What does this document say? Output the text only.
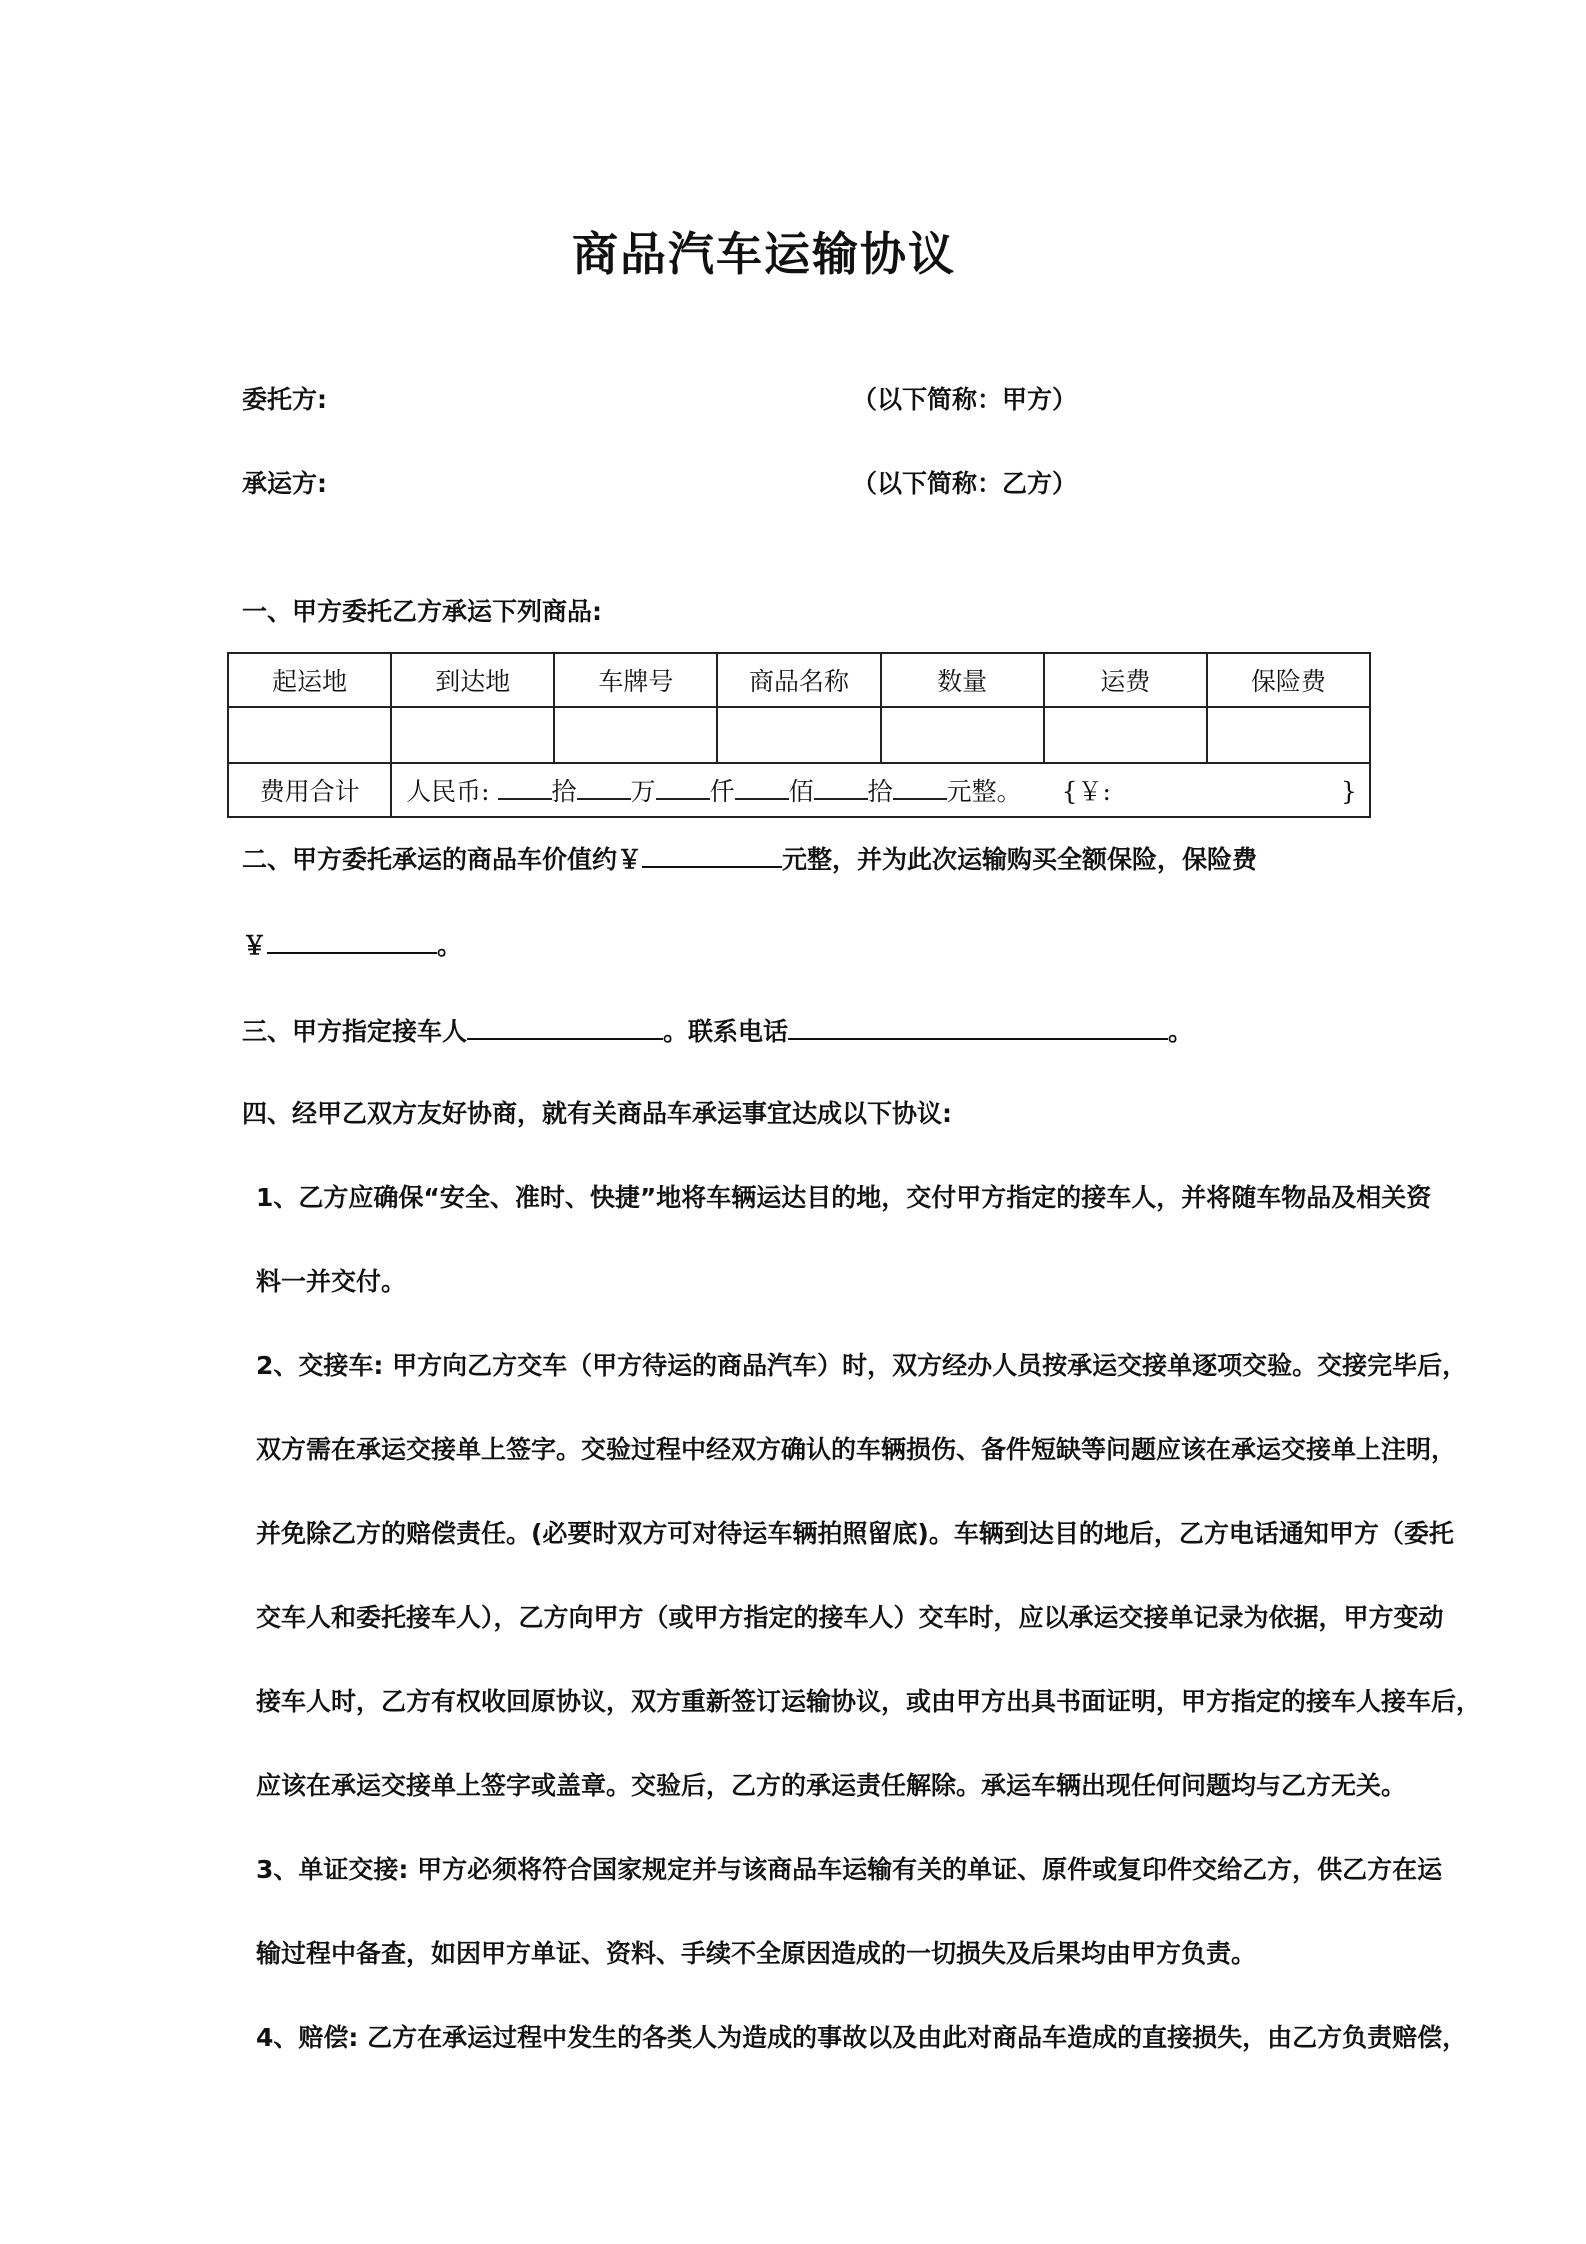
商品汽车运输协议
委托方:	（以下简称：甲方）
承运方:	（以下简称：乙方）
一、甲方委托乙方承运下列商品:
起运地	到达地	车牌号	商品名称	数量	运费	保险费

费用合计	人民币: 拾 万 仟 佰 拾 元整。 {￥: }					
二、甲方委托承运的商品车价值约￥	元整，并为此次运输购买全额保险，保险费
￥	。
三、甲方指定接车人	。联系电话	。
四、经甲乙双方友好协商，就有关商品车承运事宜达成以下协议:
1、乙方应确保“安全、准时、快捷”地将车辆运达目的地，交付甲方指定的接车人，并将随车物品及相关资
料一并交付。
2、交接车: 甲方向乙方交车（甲方待运的商品汽车）时，双方经办人员按承运交接单逐项交验。交接完毕后，
双方需在承运交接单上签字。交验过程中经双方确认的车辆损伤、备件短缺等问题应该在承运交接单上注明，
并免除乙方的赔偿责任。(必要时双方可对待运车辆拍照留底)。车辆到达目的地后，乙方电话通知甲方（委托
交车人和委托接车人），乙方向甲方（或甲方指定的接车人）交车时，应以承运交接单记录为依据，甲方变动
接车人时，乙方有权收回原协议，双方重新签订运输协议，或由甲方出具书面证明，甲方指定的接车人接车后，
应该在承运交接单上签字或盖章。交验后，乙方的承运责任解除。承运车辆出现任何问题均与乙方无关。
3、单证交接: 甲方必须将符合国家规定并与该商品车运输有关的单证、原件或复印件交给乙方，供乙方在运
输过程中备查，如因甲方单证、资料、手续不全原因造成的一切损失及后果均由甲方负责。
4、赔偿: 乙方在承运过程中发生的各类人为造成的事故以及由此对商品车造成的直接损失，由乙方负责赔偿，
